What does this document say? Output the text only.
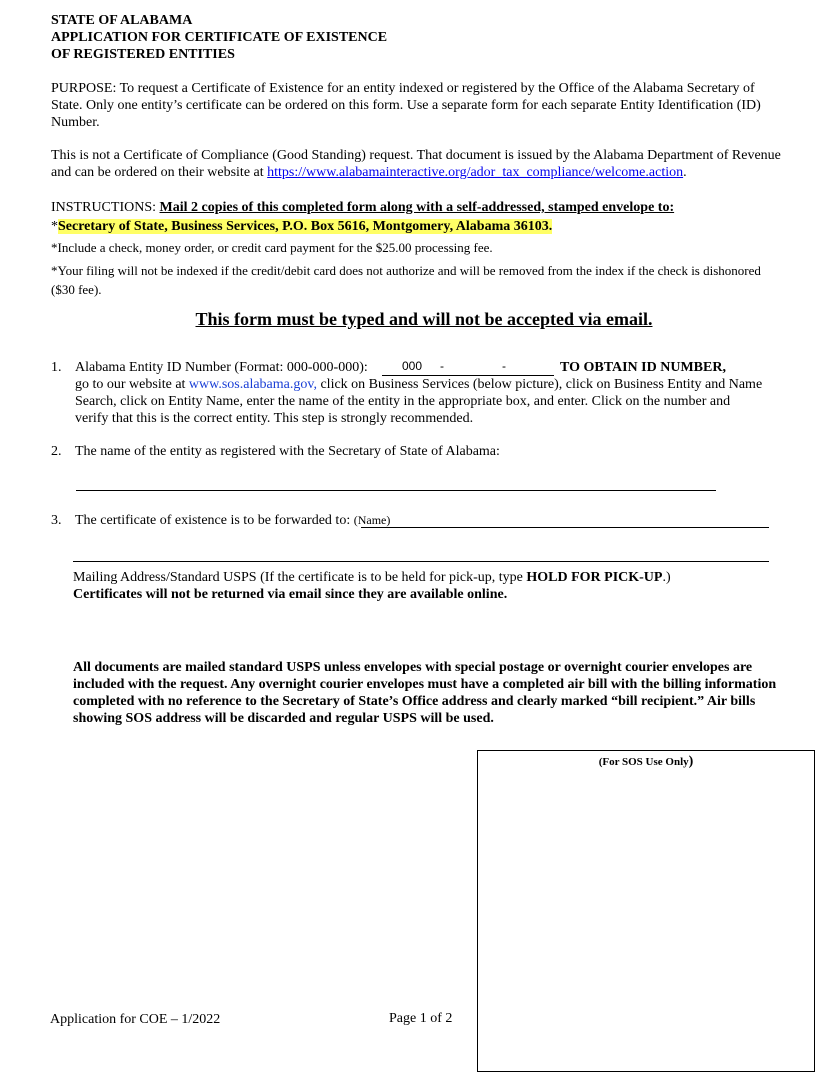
STATE OF ALABAMA
APPLICATION FOR CERTIFICATE OF EXISTENCE
OF REGISTERED ENTITIES

PURPOSE: To request a Certificate of Existence for an entity indexed or registered by the Office of the Alabama Secretary of State. Only one entity’s certificate can be ordered on this form. Use a separate form for each separate Entity Identification (ID) Number.

This is not a Certificate of Compliance (Good Standing) request. That document is issued by the Alabama Department of Revenue and can be ordered on their website at https://www.alabamainteractive.org/ador_tax_compliance/welcome.action.

INSTRUCTIONS: Mail 2 copies of this completed form along with a self-addressed, stamped envelope to:

*Secretary of State, Business Services, P.O. Box 5616, Montgomery, Alabama 36103.

*Include a check, money order, or credit card payment for the $25.00 processing fee.

*Your filing will not be indexed if the credit/debit card does not authorize and will be removed from the index if the check is dishonored ($30 fee).

This form must be typed and will not be accepted via email.
1. Alabama Entity ID Number (Format: 000-000-000):	000 -	-	TO OBTAIN ID NUMBER,

go to our website at www.sos.alabama.gov, click on Business Services (below picture), click on Business Entity and Name Search, click on Entity Name, enter the name of the entity in the appropriate box, and enter. Click on the number and verify that this is the correct entity. This step is strongly recommended.

2. The name of the entity as registered with the Secretary of State of Alabama:
3. The certificate of existence is to be forwarded to: (Name)

Mailing Address/Standard USPS (If the certificate is to be held for pick-up, type HOLD FOR PICK-UP.)

Certificates will not be returned via email since they are available online.

All documents are mailed standard USPS unless envelopes with special postage or overnight courier envelopes are included with the request. Any overnight courier envelopes must have a completed air bill with the billing information completed with no reference to the Secretary of State’s Office address and clearly marked “bill recipient.” Air bills showing SOS address will be discarded and regular USPS will be used.

(For SOS Use Only)
Application for COE – 1/2022	Page 1 of 2
